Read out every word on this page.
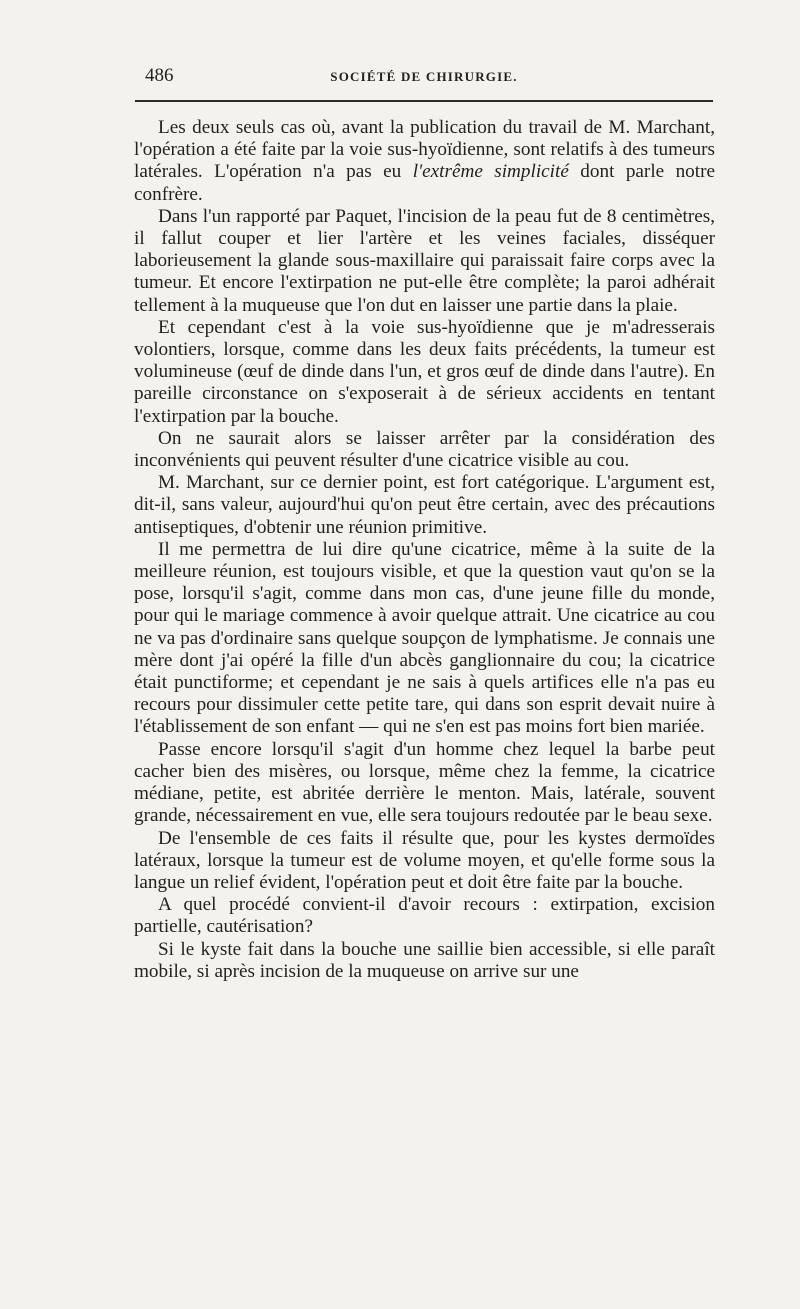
486	SOCIÉTÉ DE CHIRURGIE.

Les deux seuls cas où, avant la publication du travail de M. Marchant, l'opération a été faite par la voie sus-hyoïdienne, sont relatifs à des tumeurs latérales. L'opération n'a pas eu l'extrême simplicité dont parle notre confrère.

Dans l'un rapporté par Paquet, l'incision de la peau fut de 8 centimètres, il fallut couper et lier l'artère et les veines faciales, disséquer laborieusement la glande sous-maxillaire qui paraissait faire corps avec la tumeur. Et encore l'extirpation ne put-elle être complète; la paroi adhérait tellement à la muqueuse que l'on dut en laisser une partie dans la plaie.

Et cependant c'est à la voie sus-hyoïdienne que je m'adresserais volontiers, lorsque, comme dans les deux faits précédents, la tumeur est volumineuse (œuf de dinde dans l'un, et gros œuf de dinde dans l'autre). En pareille circonstance on s'exposerait à de sérieux accidents en tentant l'extirpation par la bouche.

On ne saurait alors se laisser arrêter par la considération des inconvénients qui peuvent résulter d'une cicatrice visible au cou.

M. Marchant, sur ce dernier point, est fort catégorique. L'argument est, dit-il, sans valeur, aujourd'hui qu'on peut être certain, avec des précautions antiseptiques, d'obtenir une réunion primitive.

Il me permettra de lui dire qu'une cicatrice, même à la suite de la meilleure réunion, est toujours visible, et que la question vaut qu'on se la pose, lorsqu'il s'agit, comme dans mon cas, d'une jeune fille du monde, pour qui le mariage commence à avoir quelque attrait. Une cicatrice au cou ne va pas d'ordinaire sans quelque soupçon de lymphatisme. Je connais une mère dont j'ai opéré la fille d'un abcès ganglionnaire du cou; la cicatrice était punctiforme; et cependant je ne sais à quels artifices elle n'a pas eu recours pour dissimuler cette petite tare, qui dans son esprit devait nuire à l'établissement de son enfant — qui ne s'en est pas moins fort bien mariée.

Passe encore lorsqu'il s'agit d'un homme chez lequel la barbe peut cacher bien des misères, ou lorsque, même chez la femme, la cicatrice médiane, petite, est abritée derrière le menton. Mais, latérale, souvent grande, nécessairement en vue, elle sera toujours redoutée par le beau sexe.

De l'ensemble de ces faits il résulte que, pour les kystes dermoïdes latéraux, lorsque la tumeur est de volume moyen, et qu'elle forme sous la langue un relief évident, l'opération peut et doit être faite par la bouche.

A quel procédé convient-il d'avoir recours : extirpation, excision partielle, cautérisation?

Si le kyste fait dans la bouche une saillie bien accessible, si elle paraît mobile, si après incision de la muqueuse on arrive sur une
